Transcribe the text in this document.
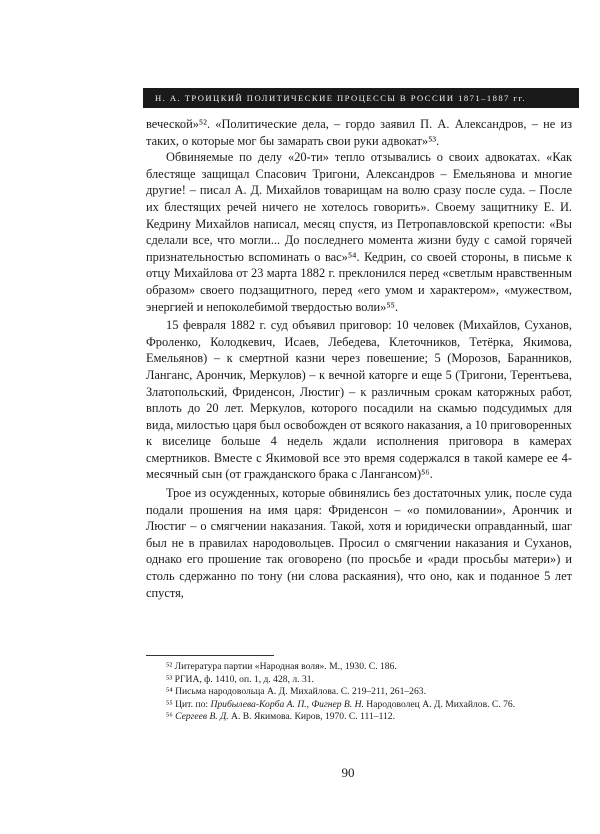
Н. А. ТРОИЦКИЙ ПОЛИТИЧЕСКИЕ ПРОЦЕССЫ В РОССИИ 1871–1887 гг.

веческой»⁵². «Политические дела, – гордо заявил П. А. Александров, – не из таких, о которые мог бы замарать свои руки адвокат»⁵³.

Обвиняемые по делу «20-ти» тепло отзывались о своих адвокатах. «Как блестяще защищал Спасович Тригони, Александров – Емельянова и многие другие! – писал А. Д. Михайлов товарищам на волю сразу после суда. – После их блестящих речей ничего не хотелось говорить». Своему защитнику Е. И. Кедрину Михайлов написал, месяц спустя, из Петропавловской крепости: «Вы сделали все, что могли... До последнего момента жизни буду с самой горячей признательностью вспоминать о вас»⁵⁴. Кедрин, со своей стороны, в письме к отцу Михайлова от 23 марта 1882 г. преклонился перед «светлым нравственным образом» своего подзащитного, перед «его умом и характером», «мужеством, энергией и непоколебимой твердостью воли»⁵⁵.

15 февраля 1882 г. суд объявил приговор: 10 человек (Михайлов, Суханов, Фроленко, Колодкевич, Исаев, Лебедева, Клеточников, Тетёрка, Якимова, Емельянов) – к смертной казни через повешение; 5 (Морозов, Баранников, Ланганс, Арончик, Меркулов) – к вечной каторге и еще 5 (Тригони, Терентьева, Златопольский, Фриденсон, Люстиг) – к различным срокам каторжных работ, вплоть до 20 лет. Меркулов, которого посадили на скамью подсудимых для вида, милостью царя был освобожден от всякого наказания, а 10 приговоренных к виселице больше 4 недель ждали исполнения приговора в камерах смертников. Вместе с Якимовой все это время содержался в такой камере ее 4-месячный сын (от гражданского брака с Лангансом)⁵⁶.

Трое из осужденных, которые обвинялись без достаточных улик, после суда подали прошения на имя царя: Фриденсон – «о помиловании», Арончик и Люстиг – о смягчении наказания. Такой, хотя и юридически оправданный, шаг был не в правилах народовольцев. Просил о смягчении наказания и Суханов, однако его прошение так оговорено (по просьбе и «ради просьбы матери») и столь сдержанно по тону (ни слова раскаяния), что оно, как и поданное 5 лет спустя,

⁵² Литература партии «Народная воля». М., 1930. С. 186.
⁵³ РГИА, ф. 1410, оп. 1, д. 428, л. 31.
⁵⁴ Письма народовольца А. Д. Михайлова. С. 219–211, 261–263.
⁵⁵ Цит. по: Прибылева-Корба А. П., Фигнер В. Н. Народоволец А. Д. Михайлов. С. 76.
⁵⁶ Сергеев В. Д. А. В. Якимова. Киров, 1970. С. 111–112.
90
